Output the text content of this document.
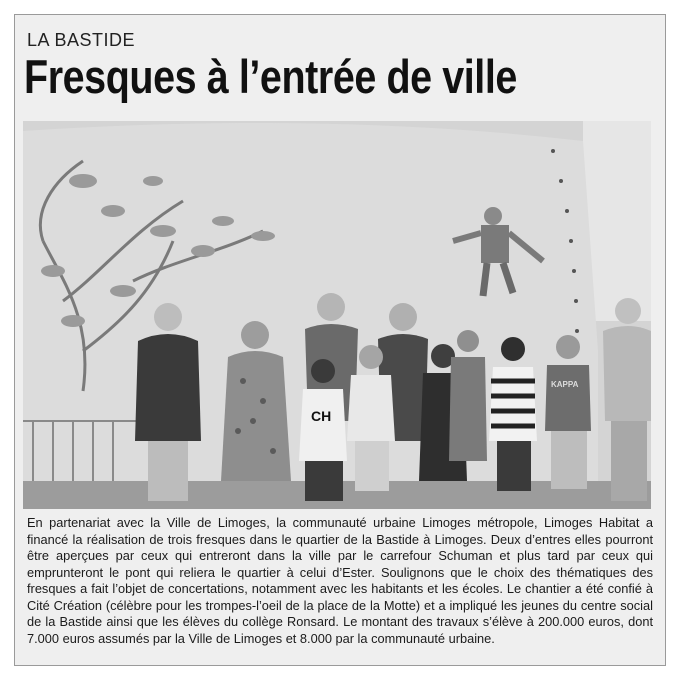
LA BASTIDE
Fresques à l’entrée de ville
CH
KAPPA
En partenariat avec la Ville de Limoges, la communauté urbaine Limoges métropole, Limoges Habitat a financé la réalisation de trois fresques dans le quartier de la Bastide à Limoges. Deux d’entres elles pourront être aperçues par ceux qui entreront dans la ville par le carrefour Schuman et plus tard par ceux qui emprunteront le pont qui reliera le quartier à celui d’Ester. Soulignons que le choix des thématiques des fresques a fait l’objet de concertations, notamment avec les habitants et les écoles. Le chantier a été confié à Cité Création (célèbre pour les trompes-l’oeil de la place de la Motte) et a impliqué les jeunes du centre social de la Bastide ainsi que les élèves du collège Ronsard. Le montant des travaux s’élève à 200.000 euros, dont 7.000 euros assumés par la Ville de Limoges et 8.000 par la communauté urbaine.
